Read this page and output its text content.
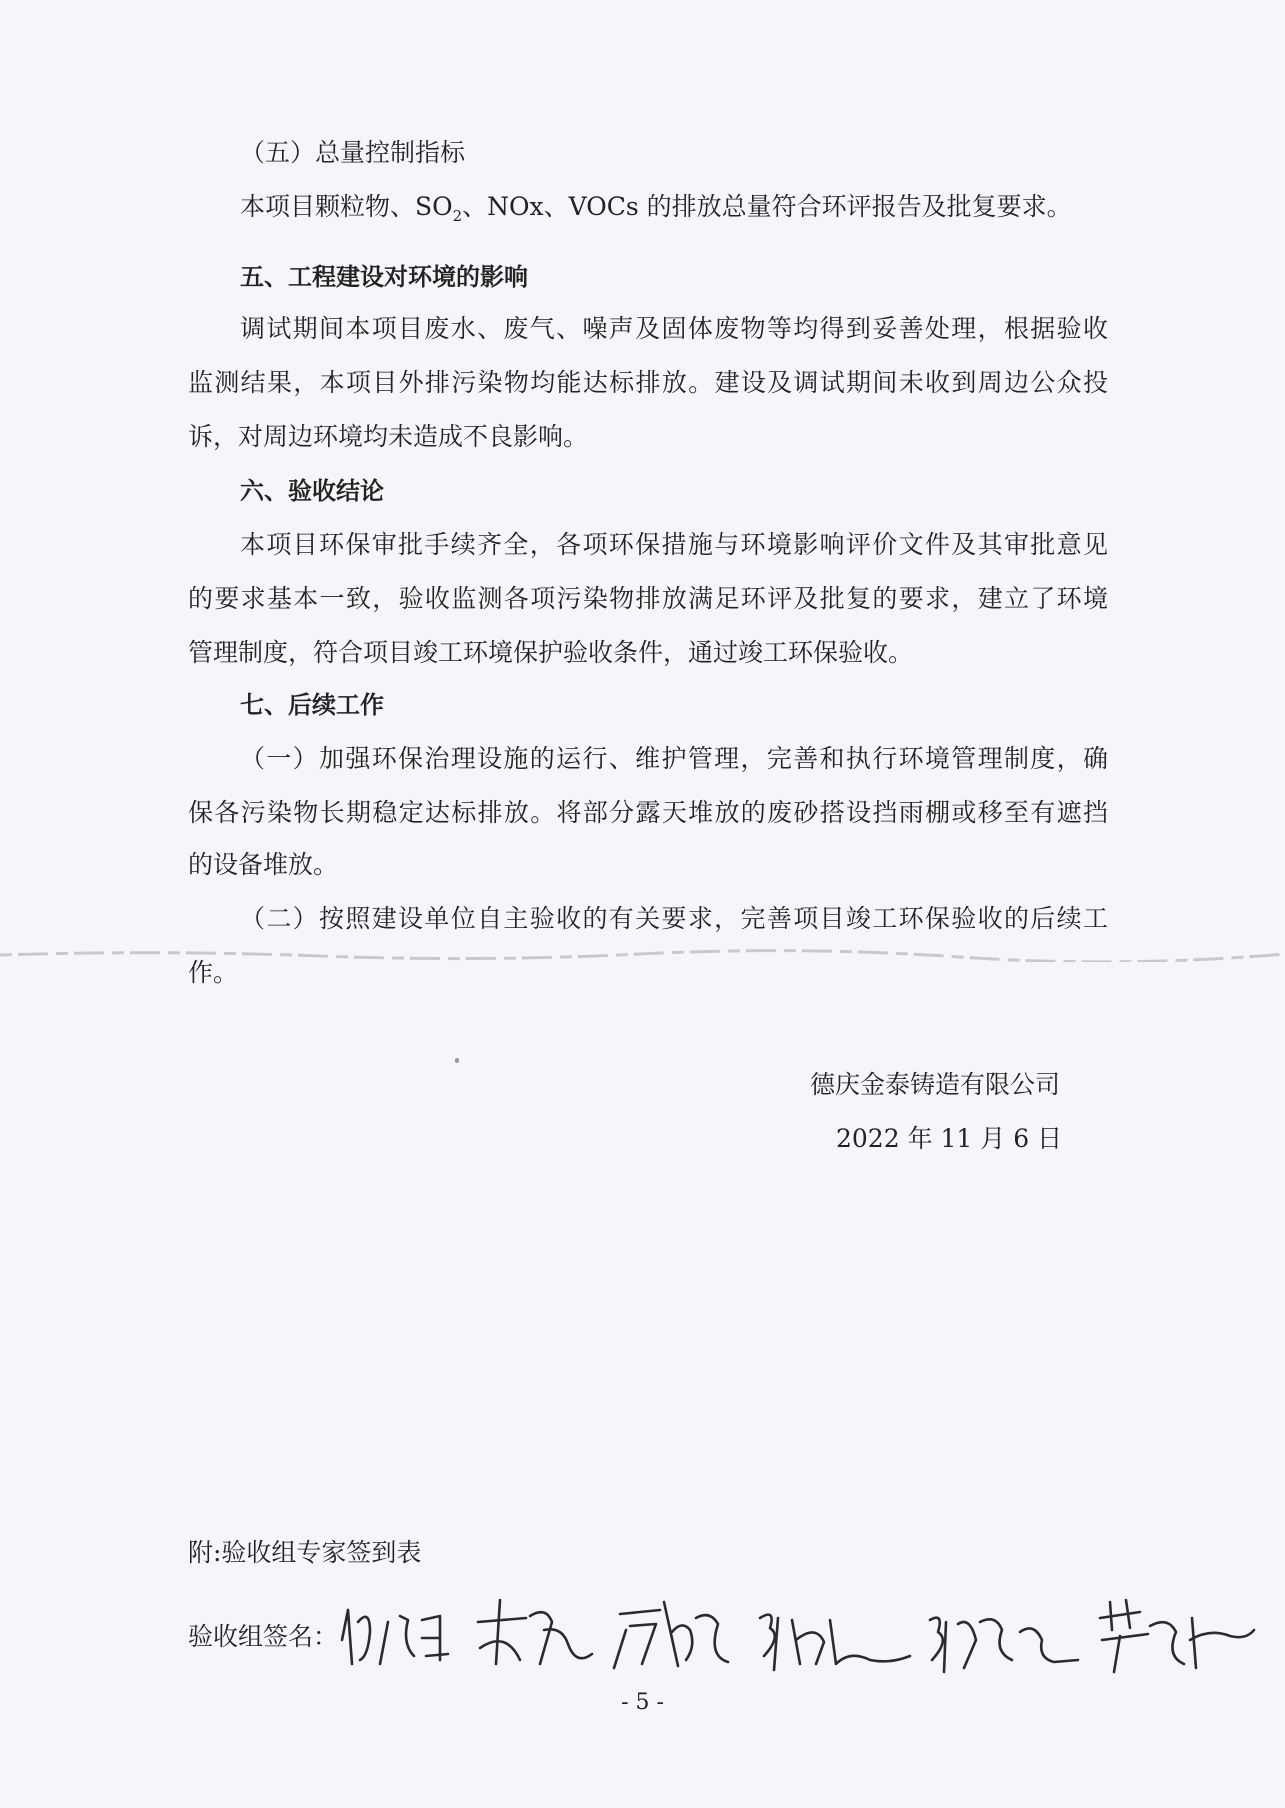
（五）总量控制指标
本项目颗粒物、$SO_2$、NOx、VOCs 的排放总量符合环评报告及批复要求。
五、工程建设对环境的影响
调试期间本项目废水、废气、噪声及固体废物等均得到妥善处理，根据验收
监测结果，本项目外排污染物均能达标排放。建设及调试期间未收到周边公众投
诉，对周边环境均未造成不良影响。
六、验收结论
本项目环保审批手续齐全，各项环保措施与环境影响评价文件及其审批意见
的要求基本一致，验收监测各项污染物排放满足环评及批复的要求，建立了环境
管理制度，符合项目竣工环境保护验收条件，通过竣工环保验收。
七、后续工作
（一）加强环保治理设施的运行、维护管理，完善和执行环境管理制度，确
保各污染物长期稳定达标排放。将部分露天堆放的废砂搭设挡雨棚或移至有遮挡
的设备堆放。
（二）按照建设单位自主验收的有关要求，完善项目竣工环保验收的后续工
作。
德庆金泰铸造有限公司
2022 年 11 月 6 日
附:验收组专家签到表
验收组签名：
- 5 -
